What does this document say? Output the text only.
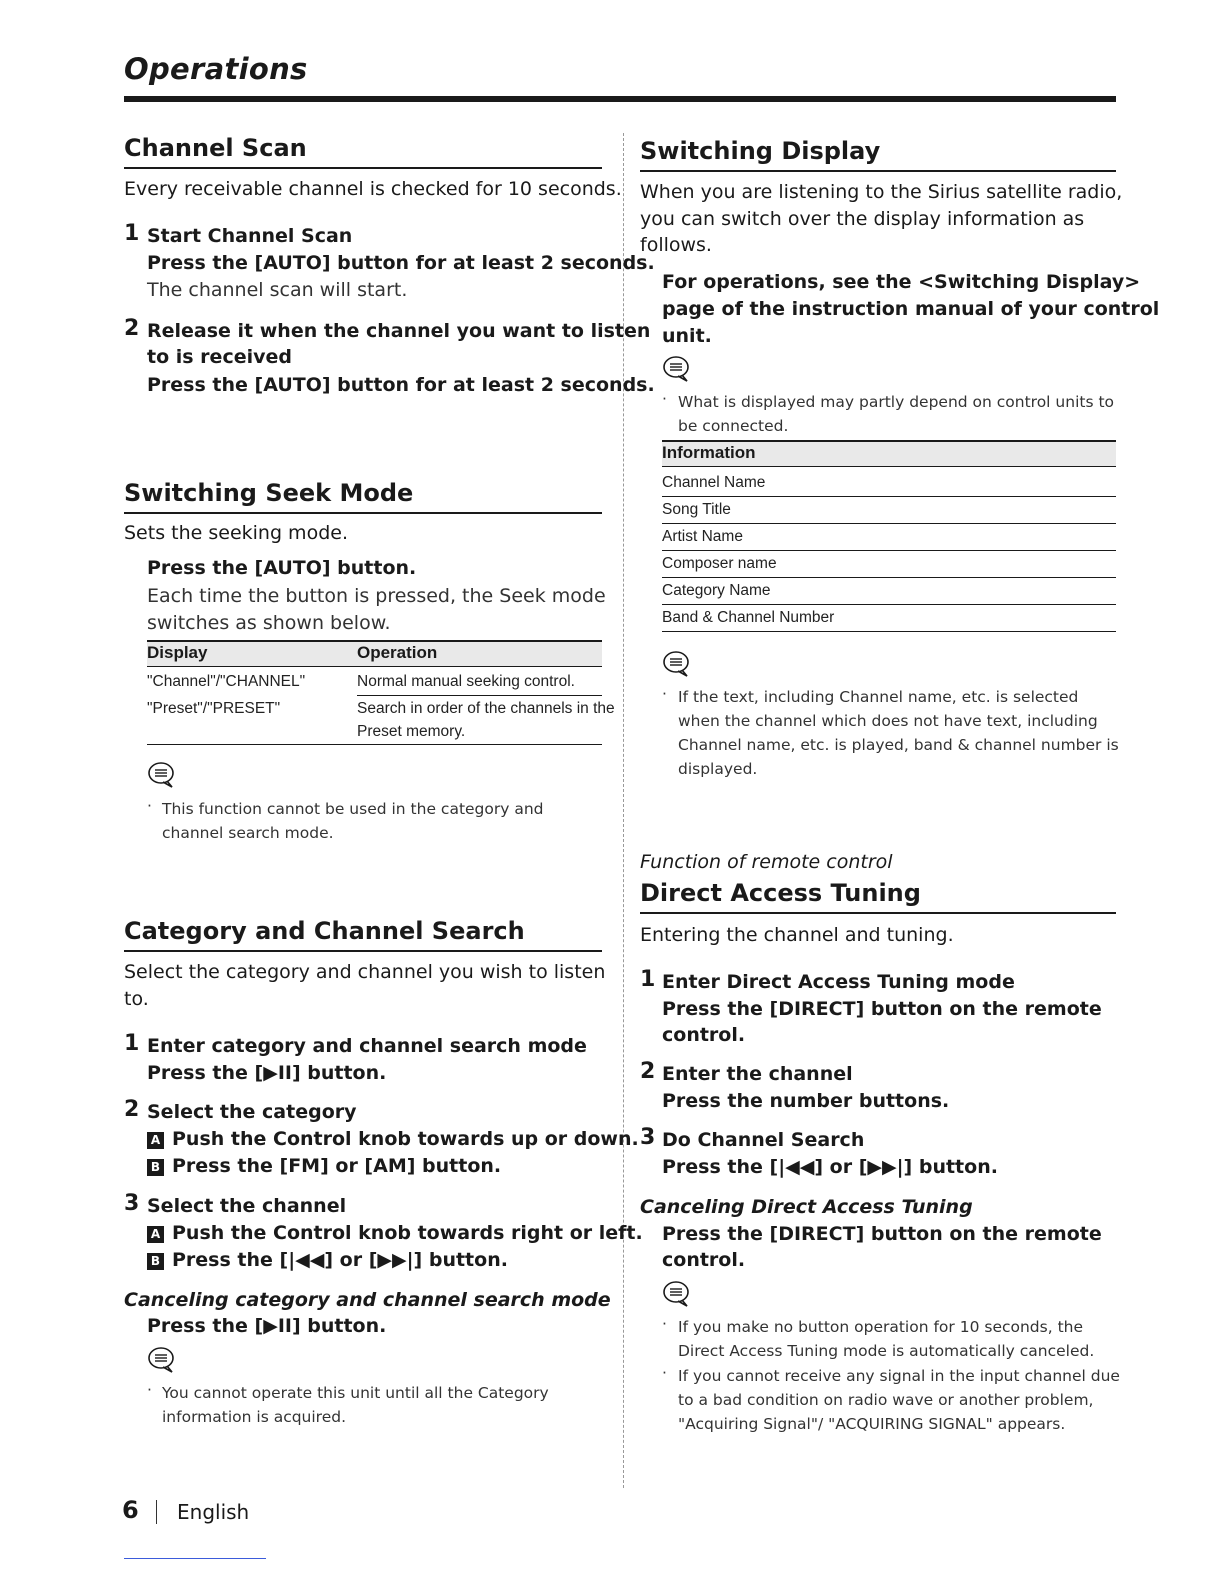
Operations
Channel Scan
Every receivable channel is checked for 10 seconds.
1 Start Channel Scan
Press the [AUTO] button for at least 2 seconds.
The channel scan will start.
2 Release it when the channel you want to listen
to is received
Press the [AUTO] button for at least 2 seconds.
Switching Seek Mode
Sets the seeking mode.
Press the [AUTO] button.
Each time the button is pressed, the Seek mode
switches as shown below.
Display	Operation
"Channel"/"CHANNEL"	Normal manual seeking control.
"Preset"/"PRESET"	Search in order of the channels in the
Preset memory.
· This function cannot be used in the category and
channel search mode.
Category and Channel Search
Select the category and channel you wish to listen
to.
1 Enter category and channel search mode
Press the [▶II] button.
2 Select the category
A Push the Control knob towards up or down.
B Press the [FM] or [AM] button.
3 Select the channel
A Push the Control knob towards right or left.
B Press the [|◀◀] or [▶▶|] button.
Canceling category and channel search mode
Press the [▶II] button.
· You cannot operate this unit until all the Category
information is acquired.
Switching Display
When you are listening to the Sirius satellite radio,
you can switch over the display information as
follows.
For operations, see the <Switching Display>
page of the instruction manual of your control
unit.
· What is displayed may partly depend on control units to
be connected.
Information
Channel Name
Song Title
Artist Name
Composer name
Category Name
Band & Channel Number
· If the text, including Channel name, etc. is selected
when the channel which does not have text, including
Channel name, etc. is played, band & channel number is
displayed.
Function of remote control
Direct Access Tuning
Entering the channel and tuning.
1 Enter Direct Access Tuning mode
Press the [DIRECT] button on the remote
control.
2 Enter the channel
Press the number buttons.
3 Do Channel Search
Press the [|◀◀] or [▶▶|] button.
Canceling Direct Access Tuning
Press the [DIRECT] button on the remote
control.
· If you make no button operation for 10 seconds, the
Direct Access Tuning mode is automatically canceled.
· If you cannot receive any signal in the input channel due
to a bad condition on radio wave or another problem,
"Acquiring Signal"/ "ACQUIRING SIGNAL" appears.
6 English
